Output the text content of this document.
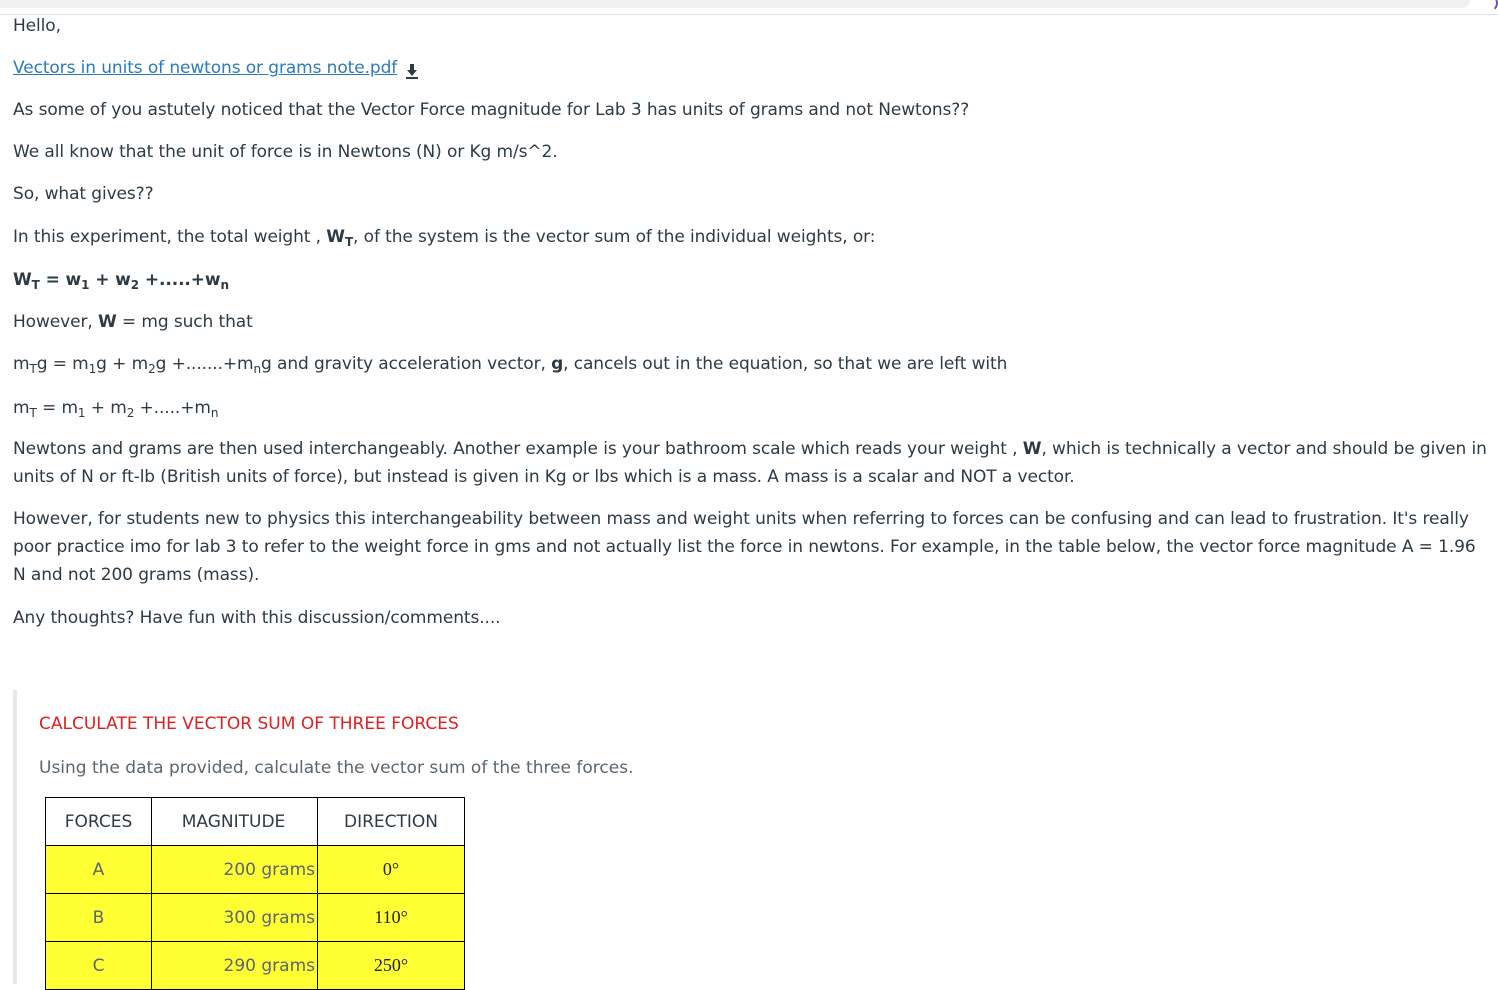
Hello,
Vectors in units of newtons or grams note.pdf
As some of you astutely noticed that the Vector Force magnitude for Lab 3 has units of grams and not Newtons??
We all know that the unit of force is in Newtons (N) or Kg m/s^2.
So, what gives??
In this experiment, the total weight , $W_T$, of the system is the vector sum of the individual weights, or:
$W_T = w_1 + w_2 +.....+w_n$
However, W = mg such that
$m_Tg = m_1g + m_2g +.......+m_ng$ and gravity acceleration vector, g, cancels out in the equation, so that we are left with
$m_T = m_1 + m_2 +.....+m_n$
Newtons and grams are then used interchangeably. Another example is your bathroom scale which reads your weight , W, which is technically a vector and should be given in units of N or ft-lb (British units of force), but instead is given in Kg or lbs which is a mass. A mass is a scalar and NOT a vector.
However, for students new to physics this interchangeability between mass and weight units when referring to forces can be confusing and can lead to frustration. It's really poor practice imo for lab 3 to refer to the weight force in gms and not actually list the force in newtons. For example, in the table below, the vector force magnitude A = 1.96 N and not 200 grams (mass).
Any thoughts? Have fun with this discussion/comments....
CALCULATE THE VECTOR SUM OF THREE FORCES
Using the data provided, calculate the vector sum of the three forces.
FORCES	MAGNITUDE	DIRECTION
A	200 grams	0°
B	300 grams	110°
C	290 grams	250°
